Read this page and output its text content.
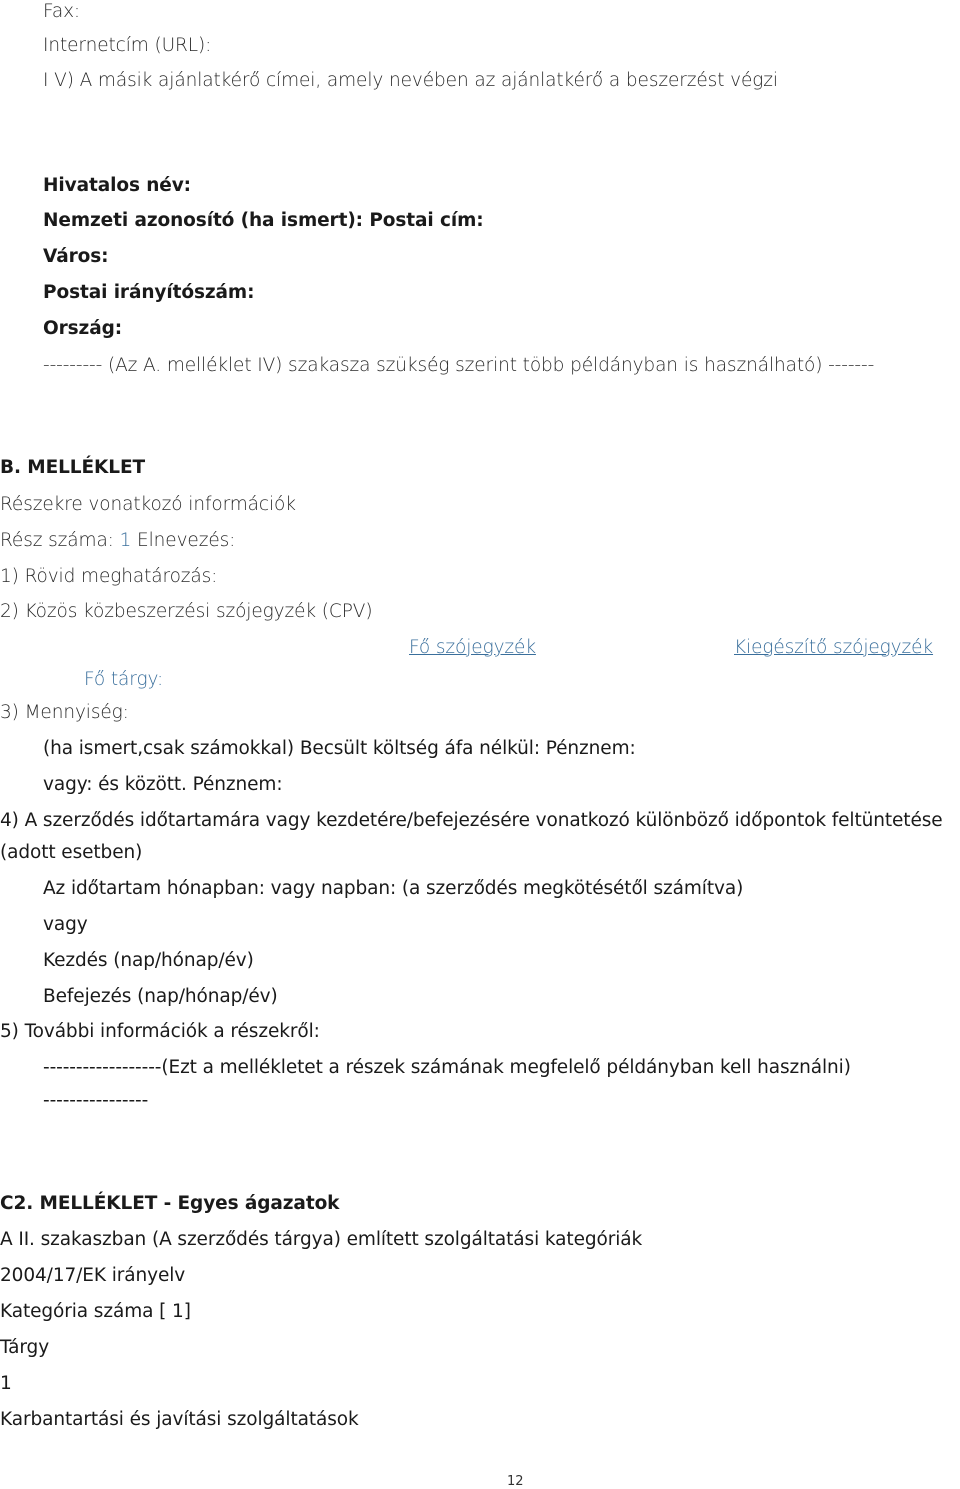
Fax:
Internetcím (URL):
I V) A másik ajánlatkérő címei, amely nevében az ajánlatkérő a beszerzést végzi
Hivatalos név:
Nemzeti azonosító (ha ismert): Postai cím:
Város:
Postai irányítószám:
Ország:
--------- (Az A. melléklet IV) szakasza szükség szerint több példányban is használható) -------
B. MELLÉKLET
Részekre vonatkozó információk
Rész száma: 1 Elnevezés:
1) Rövid meghatározás:
2) Közös közbeszerzési szójegyzék (CPV)
Fő szójegyzék	Kiegészítő szójegyzék
Fő tárgy:
3) Mennyiség:
(ha ismert,csak számokkal) Becsült költség áfa nélkül: Pénznem:
vagy: és között. Pénznem:
4) A szerződés időtartamára vagy kezdetére/befejezésére vonatkozó különböző időpontok feltüntetése
(adott esetben)
Az időtartam hónapban: vagy napban: (a szerződés megkötésétől számítva)
vagy
Kezdés (nap/hónap/év)
Befejezés (nap/hónap/év)
5) További információk a részekről:
------------------(Ezt a mellékletet a részek számának megfelelő példányban kell használni)
----------------
C2. MELLÉKLET - Egyes ágazatok
A II. szakaszban (A szerződés tárgya) említett szolgáltatási kategóriák
2004/17/EK irányelv
Kategória száma [ 1]
Tárgy
1
Karbantartási és javítási szolgáltatások
12
